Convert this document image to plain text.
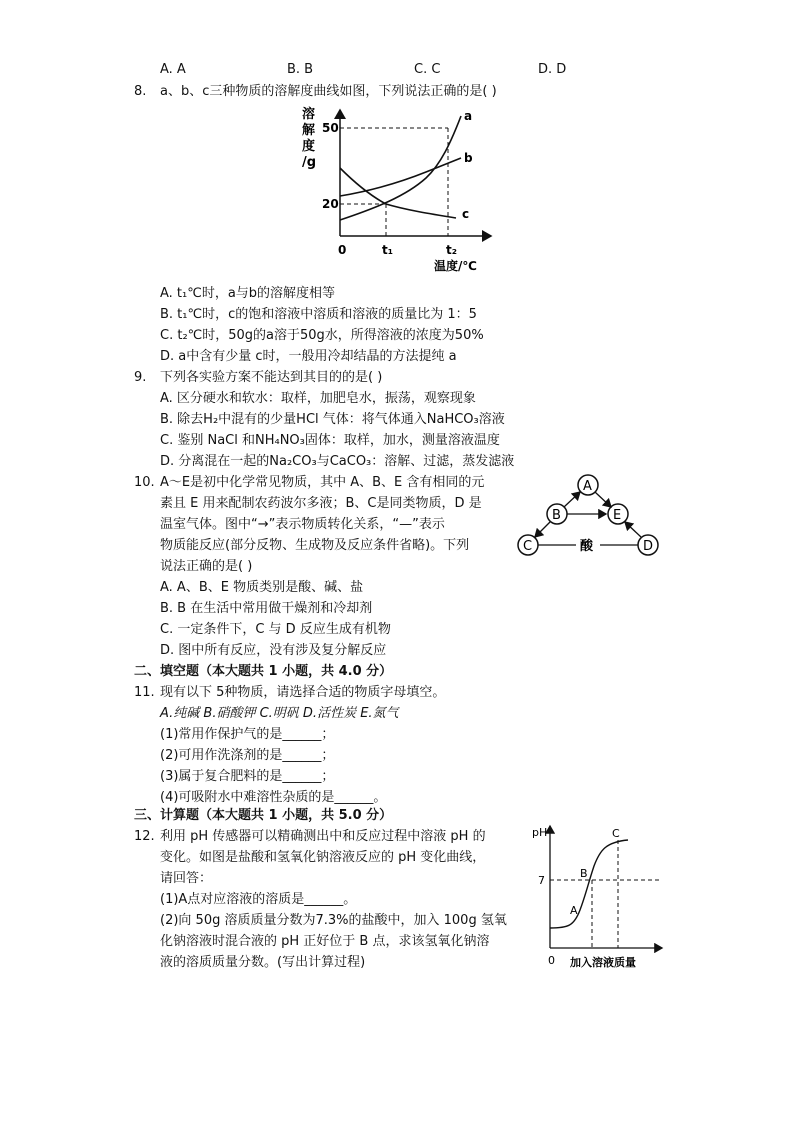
A. A	B. B	C. C	D. D
8. a、b、c三种物质的溶解度曲线如图，下列说法正确的是( )
溶
解
度
/g
50
20
0	t₁	t₂
温度/℃
a
b
c
A. t₁℃时，a与b的溶解度相等
B. t₁℃时，c的饱和溶液中溶质和溶液的质量比为 1：5
C. t₂℃时，50g的a溶于50g水，所得溶液的浓度为50%
D. a中含有少量 c时，一般用冷却结晶的方法提纯 a
9. 下列各实验方案不能达到其目的的是( )
A. 区分硬水和软水：取样，加肥皂水，振荡，观察现象
B. 除去H₂中混有的少量HCl 气体：将气体通入NaHCO₃溶液
C. 鉴别 NaCl 和NH₄NO₃固体：取样，加水，测量溶液温度
D. 分离混在一起的Na₂CO₃与CaCO₃：溶解、过滤，蒸发滤液
10. A～E是初中化学常见物质，其中 A、B、E 含有相同的元
素且 E 用来配制农药波尔多液；B、C是同类物质，D 是
温室气体。图中“→”表示物质转化关系，“—”表示
物质能反应(部分反物、生成物及反应条件省略)。下列
说法正确的是( )
A
B	E
C	D
酸
A. A、B、E 物质类别是酸、碱、盐
B. B 在生活中常用做干燥剂和冷却剂
C. 一定条件下，C 与 D 反应生成有机物
D. 图中所有反应，没有涉及复分解反应
二、填空题（本大题共 1 小题，共 4.0 分）
11. 现有以下 5种物质，请选择合适的物质字母填空。
A.纯碱 B.硝酸钾 C.明矾 D.活性炭 E.氮气
(1)常用作保护气的是______；
(2)可用作洗涤剂的是______；
(3)属于复合肥料的是______；
(4)可吸附水中难溶性杂质的是______。
三、计算题（本大题共 1 小题，共 5.0 分）
12. 利用 pH 传感器可以精确测出中和反应过程中溶液 pH 的
变化。如图是盐酸和氢氧化钠溶液反应的 pH 变化曲线，
请回答：
(1)A点对应溶液的溶质是______。
(2)向 50g 溶质质量分数为7.3%的盐酸中，加入 100g 氢氧
化钠溶液时混合液的 pH 正好位于 B 点，求该氢氧化钠溶
液的溶质质量分数。(写出计算过程)
pH
7
0 加入溶液质量
A
B
C
